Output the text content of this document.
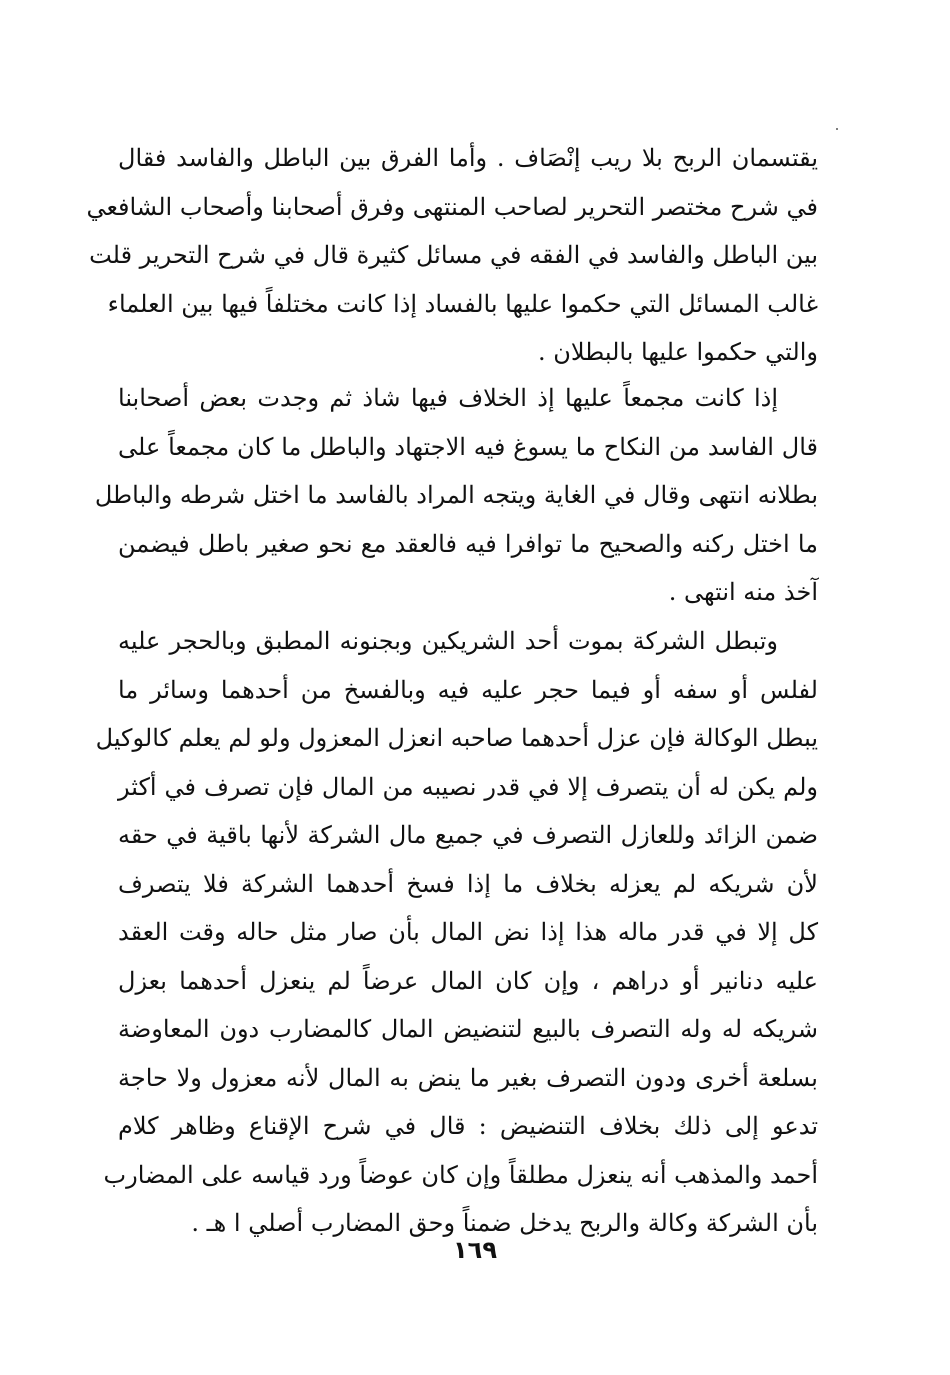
يقتسمان الربح بلا ريب إنْصَاف . وأما الفرق بين الباطل والفاسد فقال
في شرح مختصر التحرير لصاحب المنتهى وفرق أصحابنا وأصحاب الشافعي
بين الباطل والفاسد في الفقه في مسائل كثيرة قال في شرح التحرير قلت
غالب المسائل التي حكموا عليها بالفساد إذا كانت مختلفاً فيها بين العلماء
والتي حكموا عليها بالبطلان .
إذا كانت مجمعاً عليها إذ الخلاف فيها شاذ ثم وجدت بعض أصحابنا
قال الفاسد من النكاح ما يسوغ فيه الاجتهاد والباطل ما كان مجمعاً على
بطلانه انتهى وقال في الغاية ويتجه المراد بالفاسد ما اختل شرطه والباطل
ما اختل ركنه والصحيح ما توافرا فيه فالعقد مع نحو صغير باطل فيضمن
آخذ منه انتهى .
وتبطل الشركة بموت أحد الشريكين وبجنونه المطبق وبالحجر عليه
لفلس أو سفه أو فيما حجر عليه فيه وبالفسخ من أحدهما وسائر ما
يبطل الوكالة فإن عزل أحدهما صاحبه انعزل المعزول ولو لم يعلم كالوكيل
ولم يكن له أن يتصرف إلا في قدر نصيبه من المال فإن تصرف في أكثر
ضمن الزائد وللعازل التصرف في جميع مال الشركة لأنها باقية في حقه
لأن شريكه لم يعزله بخلاف ما إذا فسخ أحدهما الشركة فلا يتصرف
كل إلا في قدر ماله هذا إذا نض المال بأن صار مثل حاله وقت العقد
عليه دنانير أو دراهم ، وإن كان المال عرضاً لم ينعزل أحدهما بعزل
شريكه له وله التصرف بالبيع لتنضيض المال كالمضارب دون المعاوضة
بسلعة أخرى ودون التصرف بغير ما ينض به المال لأنه معزول ولا حاجة
تدعو إلى ذلك بخلاف التنضيض : قال في شرح الإقناع وظاهر كلام
أحمد والمذهب أنه ينعزل مطلقاً وإن كان عوضاً ورد قياسه على المضارب
بأن الشركة وكالة والربح يدخل ضمناً وحق المضارب أصلي ا هـ .
١٦٩
